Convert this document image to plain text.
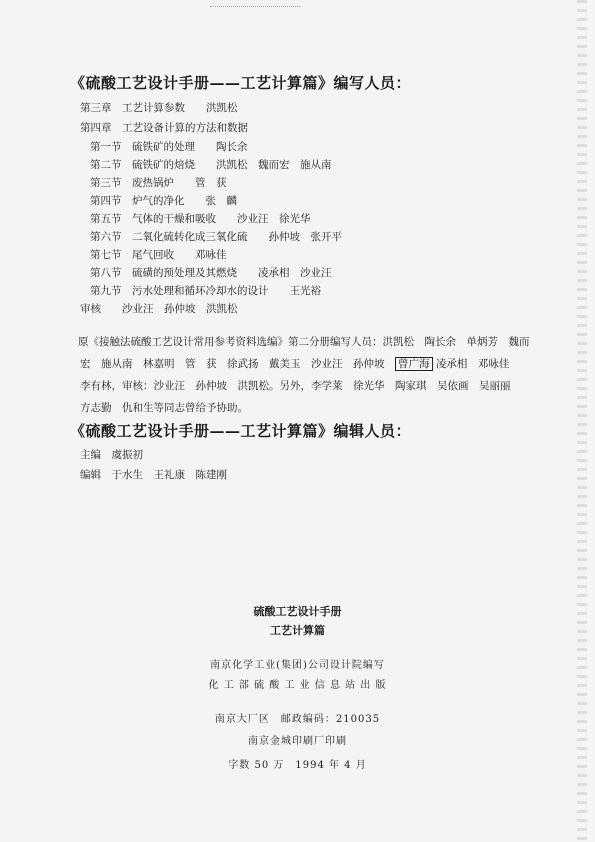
《硫酸工艺设计手册——工艺计算篇》编写人员：
第三章　工艺计算参数　　洪凯松
第四章　工艺设备计算的方法和数据
第一节　硫铁矿的处理　　陶长余
第二节　硫铁矿的焙烧　　洪凯松　魏而宏　施从南
第三节　废热锅炉　　管　获
第四节　炉气的净化　　张　麟
第五节　气体的干燥和吸收　　沙业汪　徐光华
第六节　二氧化硫转化成三氧化硫　　孙仲坡　张开平
第七节　尾气回收　　邓咏佳
第八节　硫磺的预处理及其燃烧　　凌承相　沙业汪
第九节　污水处理和循环冷却水的设计　　王光裕
审核　　沙业汪　孙仲坡　洪凯松
原《接触法硫酸工艺设计常用参考资料选编》第二分册编写人员：洪凯松　陶长余　单炳芳　魏而宏　施从南　林嘉明　管　获　徐武扬　戴美玉　沙业汪　孙仲坡　曾广海 凌承相　邓咏佳　李有林，审核：沙业汪　孙仲坡　洪凯松。另外，李学莱　徐光华　陶家琪　吴依画　吴丽丽　方志勤　仇和生等同志曾给予协助。
《硫酸工艺设计手册——工艺计算篇》编辑人员：
主编　虞振初
编辑　于水生　王礼康　陈建刚
硫酸工艺设计手册
工艺计算篇
南京化学工业(集团)公司设计院编写
化 工 部 硫 酸 工 业 信 息 站 出 版
南京大厂区　邮政编码：210035
南京金城印刷厂印刷
字数 50 万　1994 年 4 月
